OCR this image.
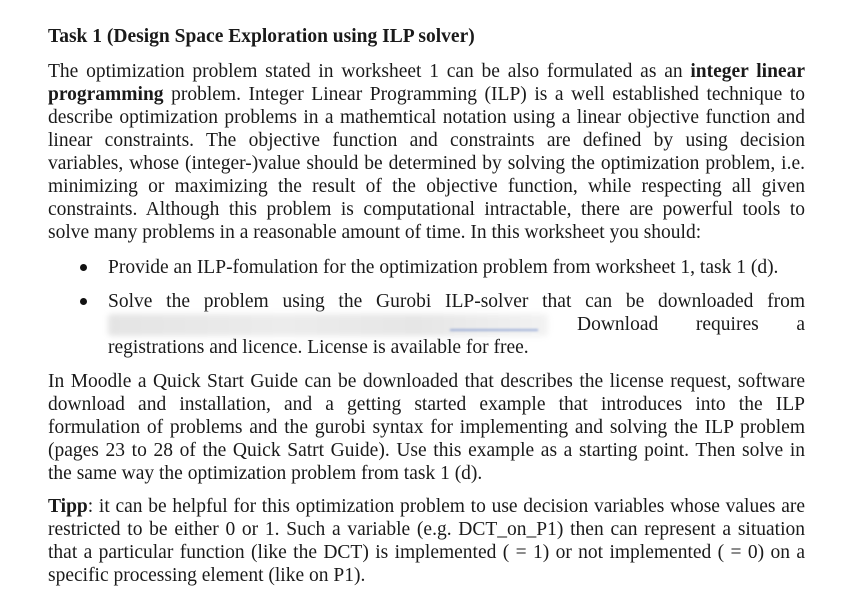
Task 1 (Design Space Exploration using ILP solver)
The optimization problem stated in worksheet 1 can be also formulated as an integer linear
programming problem. Integer Linear Programming (ILP) is a well established technique to
describe optimization problems in a mathemtical notation using a linear objective function and
linear constraints. The objective function and constraints are defined by using decision
variables, whose (integer-)value should be determined by solving the optimization problem, i.e.
minimizing or maximizing the result of the objective function, while respecting all given
constraints. Although this problem is computational intractable, there are powerful tools to
solve many problems in a reasonable amount of time. In this worksheet you should:
Provide an ILP-fomulation for the optimization problem from worksheet 1, task 1 (d).
Solve the problem using the Gurobi ILP-solver that can be downloaded from
Download requires a
registrations and licence. License is available for free.
In Moodle a Quick Start Guide can be downloaded that describes the license request, software
download and installation, and a getting started example that introduces into the ILP
formulation of problems and the gurobi syntax for implementing and solving the ILP problem
(pages 23 to 28 of the Quick Satrt Guide). Use this example as a starting point. Then solve in
the same way the optimization problem from task 1 (d).
Tipp: it can be helpful for this optimization problem to use decision variables whose values are
restricted to be either 0 or 1. Such a variable (e.g. DCT_on_P1) then can represent a situation
that a particular function (like the DCT) is implemented ( = 1) or not implemented ( = 0) on a
specific processing element (like on P1).
